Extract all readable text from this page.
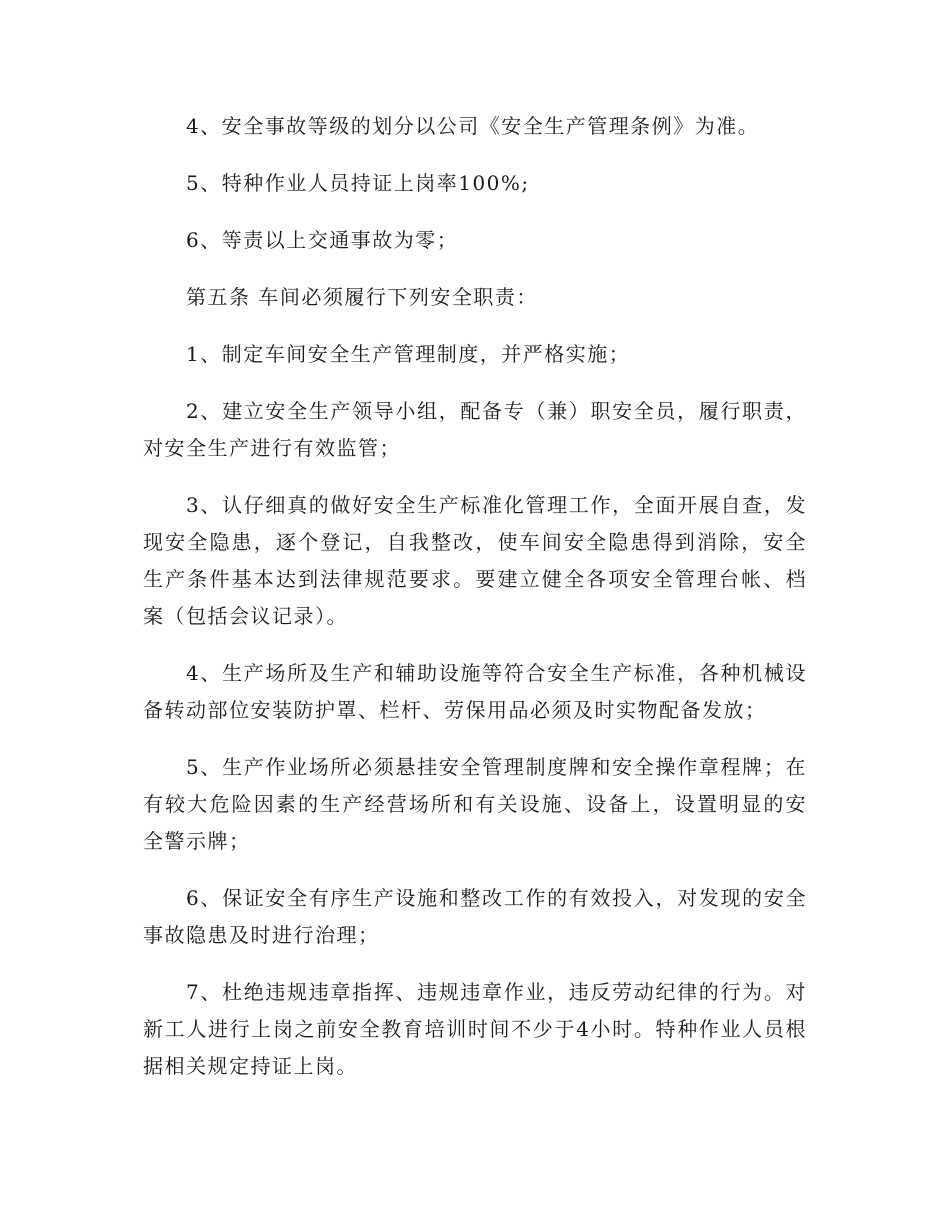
4、安全事故等级的划分以公司《安全生产管理条例》为准。

5、特种作业人员持证上岗率100%;

6、等责以上交通事故为零；

第五条 车间必须履行下列安全职责：

1、制定车间安全生产管理制度，并严格实施；

2、建立安全生产领导小组，配备专（兼）职安全员，履行职责，对安全生产进行有效监管；

3、认仔细真的做好安全生产标准化管理工作，全面开展自查，发现安全隐患，逐个登记，自我整改，使车间安全隐患得到消除，安全生产条件基本达到法律规范要求。要建立健全各项安全管理台帐、档案（包括会议记录）。

4、生产场所及生产和辅助设施等符合安全生产标准，各种机械设备转动部位安装防护罩、栏杆、劳保用品必须及时实物配备发放；

5、生产作业场所必须悬挂安全管理制度牌和安全操作章程牌；在有较大危险因素的生产经营场所和有关设施、设备上，设置明显的安全警示牌；

6、保证安全有序生产设施和整改工作的有效投入，对发现的安全事故隐患及时进行治理；

7、杜绝违规违章指挥、违规违章作业，违反劳动纪律的行为。对新工人进行上岗之前安全教育培训时间不少于4小时。特种作业人员根据相关规定持证上岗。
